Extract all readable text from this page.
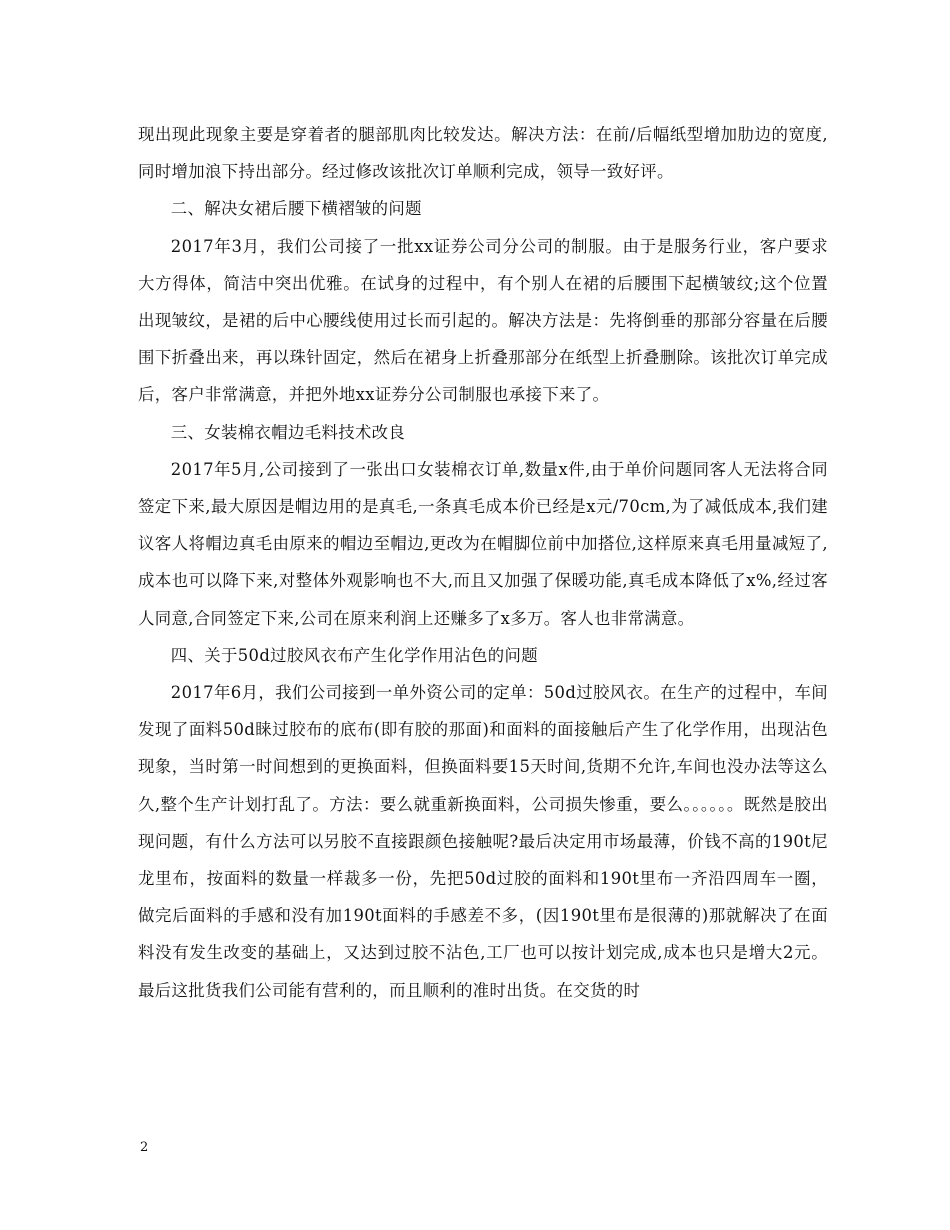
现出现此现象主要是穿着者的腿部肌肉比较发达。解决方法：在前/后幅纸型增加肋边的宽度,同时增加浪下持出部分。经过修改该批次订单顺利完成，领导一致好评。

二、解决女裙后腰下横褶皱的问题

2017年3月，我们公司接了一批xx证券公司分公司的制服。由于是服务行业，客户要求大方得体，简洁中突出优雅。在试身的过程中，有个别人在裙的后腰围下起横皱纹;这个位置出现皱纹，是裙的后中心腰线使用过长而引起的。解决方法是：先将倒垂的那部分容量在后腰围下折叠出来，再以珠针固定，然后在裙身上折叠那部分在纸型上折叠删除。该批次订单完成后，客户非常满意，并把外地xx证券分公司制服也承接下来了。

三、女装棉衣帽边毛料技术改良

2017年5月,公司接到了一张出口女装棉衣订单,数量x件,由于单价问题同客人无法将合同签定下来,最大原因是帽边用的是真毛,一条真毛成本价已经是x元/70cm,为了减低成本,我们建议客人将帽边真毛由原来的帽边至帽边,更改为在帽脚位前中加搭位,这样原来真毛用量减短了,成本也可以降下来,对整体外观影响也不大,而且又加强了保暖功能,真毛成本降低了x%,经过客人同意,合同签定下来,公司在原来利润上还赚多了x多万。客人也非常满意。

四、关于50d过胶风衣布产生化学作用沾色的问题

2017年6月，我们公司接到一单外资公司的定单：50d过胶风衣。在生产的过程中，车间发现了面料50d睐过胶布的底布(即有胶的那面)和面料的面接触后产生了化学作用，出现沾色现象，当时第一时间想到的更换面料，但换面料要15天时间,货期不允许,车间也没办法等这么久,整个生产计划打乱了。方法：要么就重新换面料，公司损失惨重，要么。。。。。。既然是胶出现问题，有什么方法可以另胶不直接跟颜色接触呢?最后决定用市场最薄，价钱不高的190t尼龙里布，按面料的数量一样裁多一份，先把50d过胶的面料和190t里布一齐沿四周车一圈，做完后面料的手感和没有加190t面料的手感差不多，(因190t里布是很薄的)那就解决了在面料没有发生改变的基础上，又达到过胶不沾色,工厂也可以按计划完成,成本也只是增大2元。最后这批货我们公司能有营利的，而且顺利的准时出货。在交货的时

2
